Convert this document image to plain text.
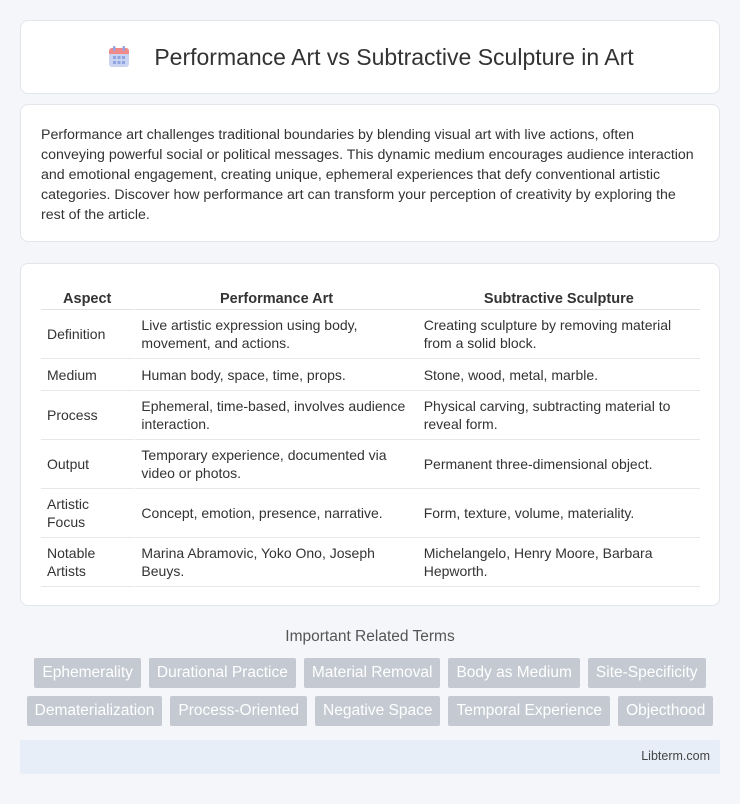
Performance Art vs Subtractive Sculpture in Art

Performance art challenges traditional boundaries by blending visual art with live actions, often conveying powerful social or political messages. This dynamic medium encourages audience interaction and emotional engagement, creating unique, ephemeral experiences that defy conventional artistic categories. Discover how performance art can transform your perception of creativity by exploring the rest of the article.

Aspect	Performance Art	Subtractive Sculpture
Definition	Live artistic expression using body, movement, and actions.	Creating sculpture by removing material from a solid block.
Medium	Human body, space, time, props.	Stone, wood, metal, marble.
Process	Ephemeral, time-based, involves audience interaction.	Physical carving, subtracting material to reveal form.
Output	Temporary experience, documented via video or photos.	Permanent three-dimensional object.
Artistic Focus	Concept, emotion, presence, narrative.	Form, texture, volume, materiality.
Notable Artists	Marina Abramovic, Yoko Ono, Joseph Beuys.	Michelangelo, Henry Moore, Barbara Hepworth.
Important Related Terms
Ephemerality	Durational Practice	Material Removal	Body as Medium	Site-Specificity
Dematerialization	Process-Oriented	Negative Space	Temporal Experience	Objecthood
Libterm.com
